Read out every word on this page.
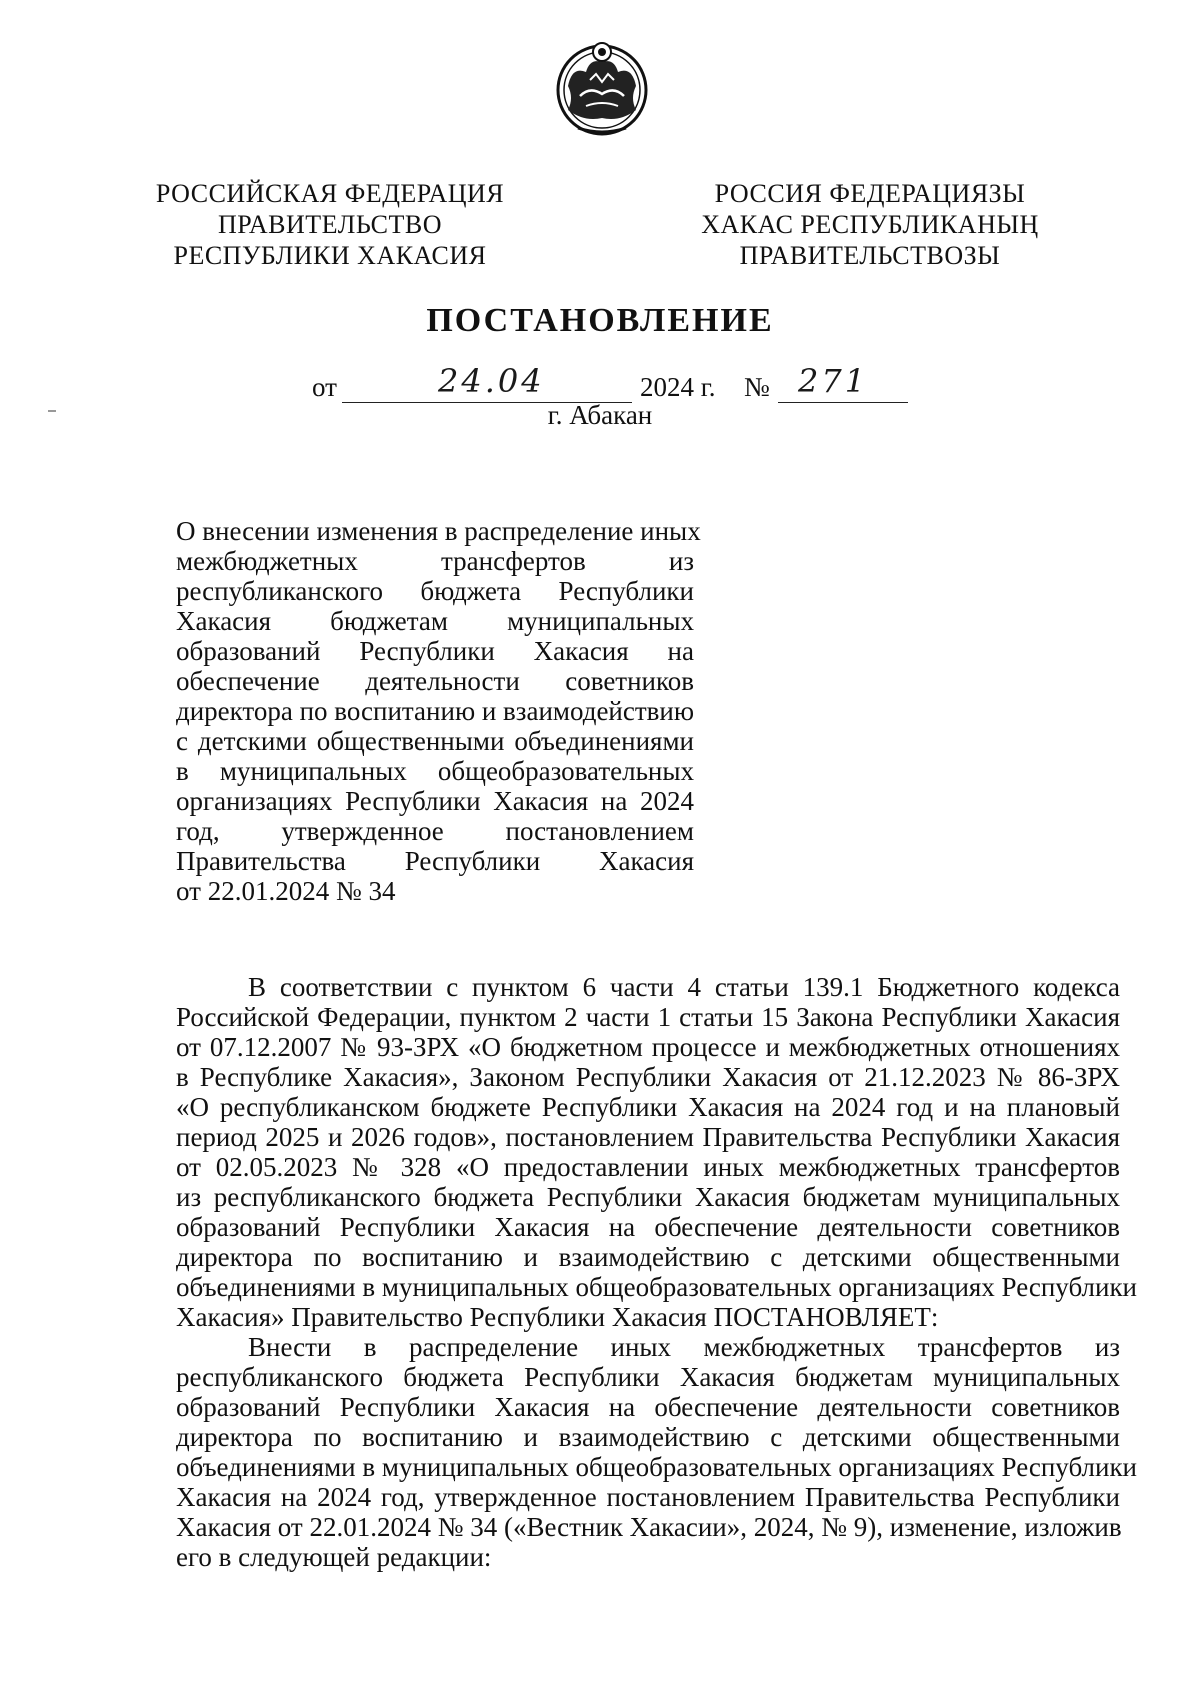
РОССИЙСКАЯ ФЕДЕРАЦИЯ
ПРАВИТЕЛЬСТВО
РЕСПУБЛИКИ ХАКАСИЯ
РОССИЯ ФЕДЕРАЦИЯЗЫ
ХАКАС РЕСПУБЛИКАНЫҢ
ПРАВИТЕЛЬСТВОЗЫ
ПОСТАНОВЛЕНИЕ
от	24.04	2024 г. № 271
г. Абакан
О внесении изменения в распределение иных
межбюджетных трансфертов из
республиканского бюджета Республики
Хакасия бюджетам муниципальных
образований Республики Хакасия на
обеспечение деятельности советников
директора по воспитанию и взаимодействию
с детскими общественными объединениями
в муниципальных общеобразовательных
организациях Республики Хакасия на 2024
год, утвержденное постановлением
Правительства Республики Хакасия
от 22.01.2024 № 34
В соответствии с пунктом 6 части 4 статьи 139.1 Бюджетного кодекса
Российской Федерации, пунктом 2 части 1 статьи 15 Закона Республики Хакасия
от 07.12.2007 № 93-ЗРХ «О бюджетном процессе и межбюджетных отношениях
в Республике Хакасия», Законом Республики Хакасия от 21.12.2023 № 86-ЗРХ
«О республиканском бюджете Республики Хакасия на 2024 год и на плановый
период 2025 и 2026 годов», постановлением Правительства Республики Хакасия
от 02.05.2023 № 328 «О предоставлении иных межбюджетных трансфертов
из республиканского бюджета Республики Хакасия бюджетам муниципальных
образований Республики Хакасия на обеспечение деятельности советников
директора по воспитанию и взаимодействию с детскими общественными
объединениями в муниципальных общеобразовательных организациях Республики
Хакасия» Правительство Республики Хакасия ПОСТАНОВЛЯЕТ:
Внести в распределение иных межбюджетных трансфертов из
республиканского бюджета Республики Хакасия бюджетам муниципальных
образований Республики Хакасия на обеспечение деятельности советников
директора по воспитанию и взаимодействию с детскими общественными
объединениями в муниципальных общеобразовательных организациях Республики
Хакасия на 2024 год, утвержденное постановлением Правительства Республики
Хакасия от 22.01.2024 № 34 («Вестник Хакасии», 2024, № 9), изменение, изложив
его в следующей редакции:
